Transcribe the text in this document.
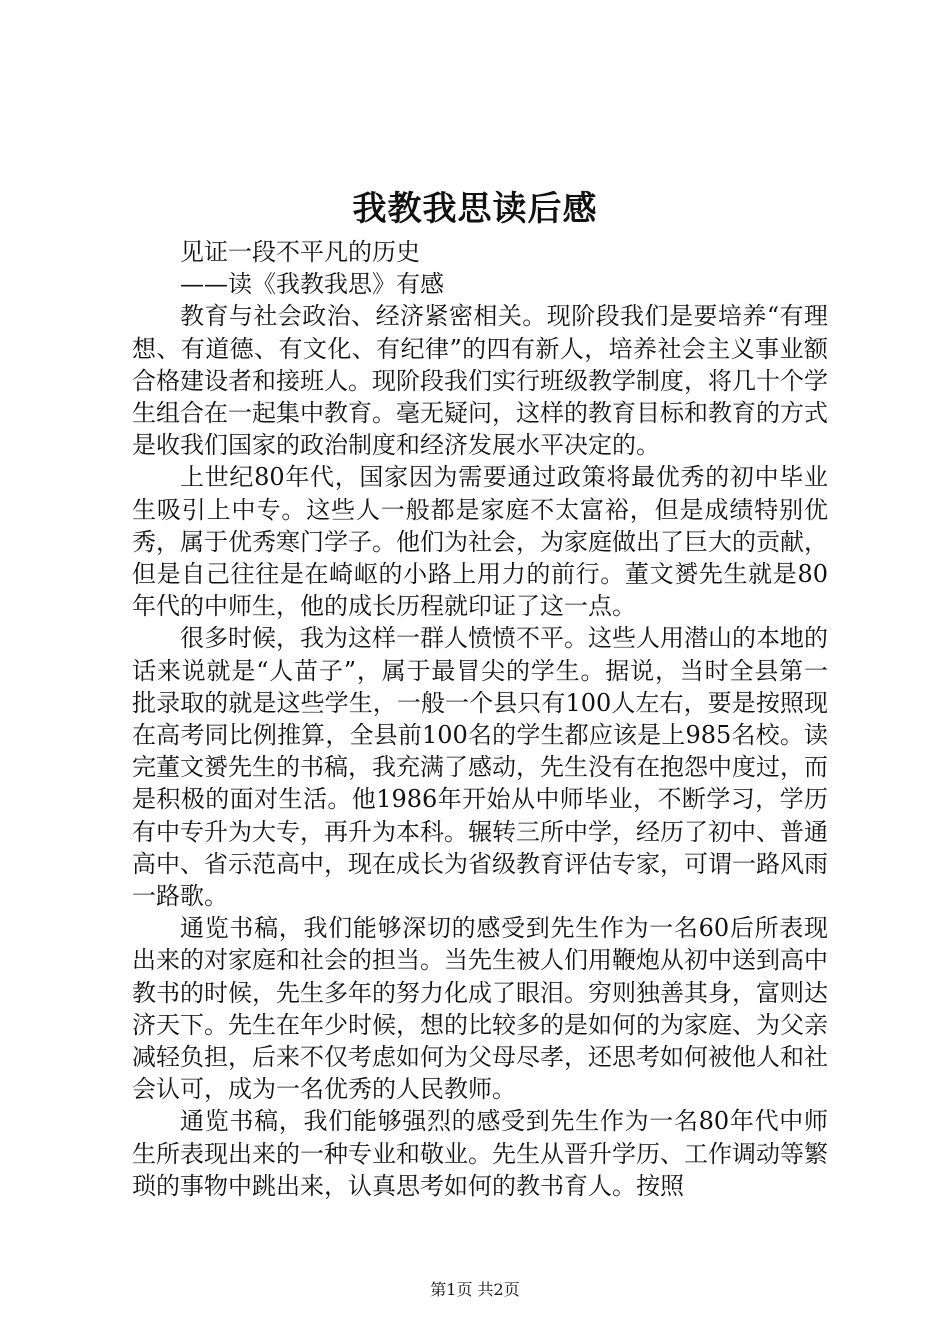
我教我思读后感

见证一段不平凡的历史

——读《我教我思》有感

教育与社会政治、经济紧密相关。现阶段我们是要培养“有理想、有道德、有文化、有纪律”的四有新人，培养社会主义事业额合格建设者和接班人。现阶段我们实行班级教学制度，将几十个学生组合在一起集中教育。毫无疑问，这样的教育目标和教育的方式是收我们国家的政治制度和经济发展水平决定的。

上世纪80年代，国家因为需要通过政策将最优秀的初中毕业生吸引上中专。这些人一般都是家庭不太富裕，但是成绩特别优秀，属于优秀寒门学子。他们为社会，为家庭做出了巨大的贡献，但是自己往往是在崎岖的小路上用力的前行。董文赟先生就是80年代的中师生，他的成长历程就印证了这一点。

很多时候，我为这样一群人愤愤不平。这些人用潜山的本地的话来说就是“人苗子”，属于最冒尖的学生。据说，当时全县第一批录取的就是这些学生，一般一个县只有100人左右，要是按照现在高考同比例推算，全县前100名的学生都应该是上985名校。读完董文赟先生的书稿，我充满了感动，先生没有在抱怨中度过，而是积极的面对生活。他1986年开始从中师毕业，不断学习，学历有中专升为大专，再升为本科。辗转三所中学，经历了初中、普通高中、省示范高中，现在成长为省级教育评估专家，可谓一路风雨一路歌。

通览书稿，我们能够深切的感受到先生作为一名60后所表现出来的对家庭和社会的担当。当先生被人们用鞭炮从初中送到高中教书的时候，先生多年的努力化成了眼泪。穷则独善其身，富则达济天下。先生在年少时候，想的比较多的是如何的为家庭、为父亲减轻负担，后来不仅考虑如何为父母尽孝，还思考如何被他人和社会认可，成为一名优秀的人民教师。

通览书稿，我们能够强烈的感受到先生作为一名80年代中师生所表现出来的一种专业和敬业。先生从晋升学历、工作调动等繁琐的事物中跳出来，认真思考如何的教书育人。按照

第1页 共2页
